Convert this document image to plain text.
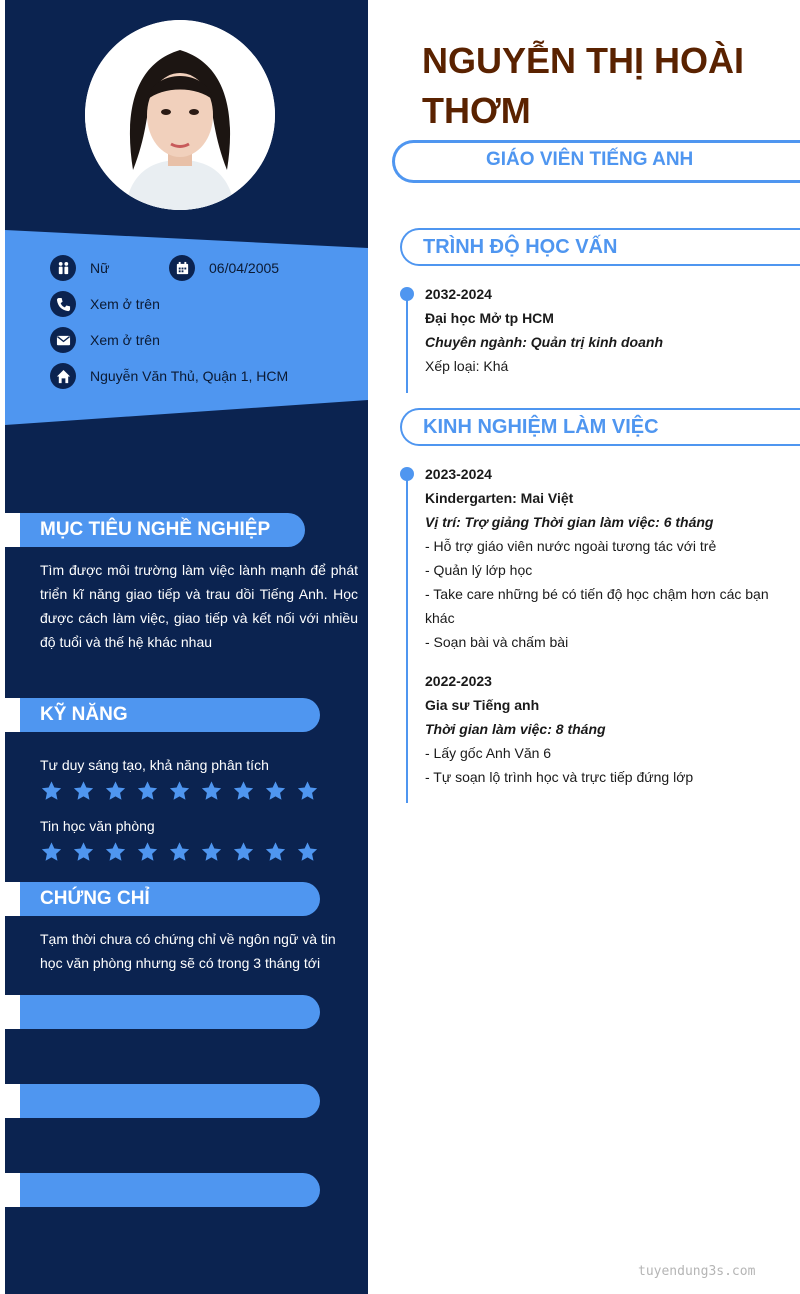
Nữ	06/04/2005
Xem ở trên
Xem ở trên
Nguyễn Văn Thủ, Quận 1, HCM
MỤC TIÊU NGHỀ NGHIỆP
Tìm được môi trường làm việc lành mạnh để phát triển kĩ năng giao tiếp và trau dồi Tiếng Anh. Học được cách làm việc, giao tiếp và kết nối với nhiều độ tuổi và thế hệ khác nhau
KỸ NĂNG
Tư duy sáng tạo, khả năng phân tích
Tin học văn phòng
CHỨNG CHỈ
Tạm thời chưa có chứng chỉ về ngôn ngữ và tin học văn phòng nhưng sẽ có trong 3 tháng tới
NGUYỄN THỊ HOÀI
THƠM
GIÁO VIÊN TIẾNG ANH
TRÌNH ĐỘ HỌC VẤN
2032-2024
Đại học Mở tp HCM
Chuyên ngành: Quản trị kinh doanh
Xếp loại: Khá
KINH NGHIỆM LÀM VIỆC
2023-2024
Kindergarten: Mai Việt
Vị trí: Trợ giảng Thời gian làm việc: 6 tháng
- Hỗ trợ giáo viên nước ngoài tương tác với trẻ
- Quản lý lớp học
- Take care những bé có tiến độ học chậm hơn các bạn
khác
- Soạn bài và chấm bài
2022-2023
Gia sư Tiếng anh
Thời gian làm việc: 8 tháng
- Lấy gốc Anh Văn 6
- Tự soạn lộ trình học và trực tiếp đứng lớp
tuyendung3s.com
